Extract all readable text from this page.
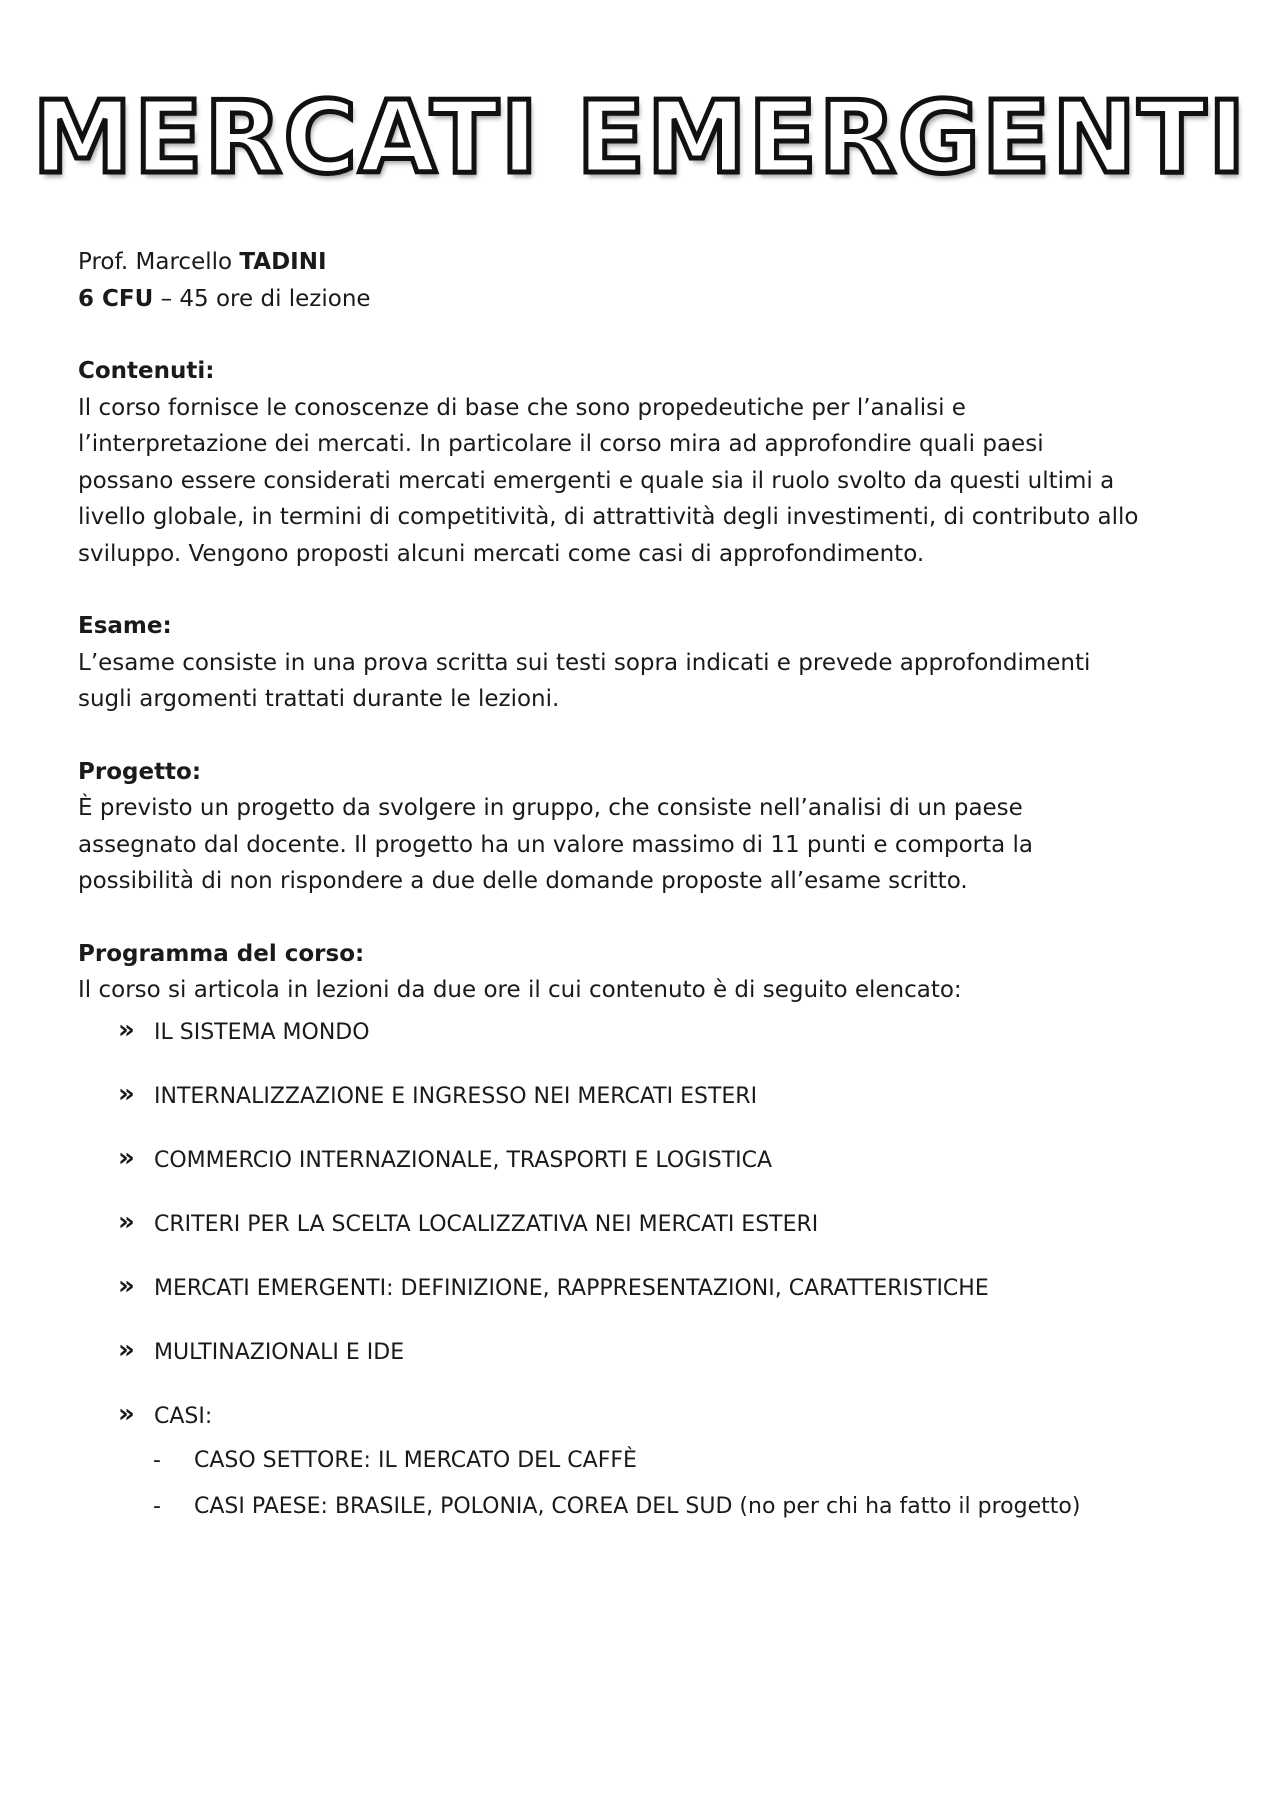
MERCATI EMERGENTI

Prof. Marcello TADINI

6 CFU – 45 ore di lezione

Contenuti:

Il corso fornisce le conoscenze di base che sono propedeutiche per l’analisi e

l’interpretazione dei mercati. In particolare il corso mira ad approfondire quali paesi

possano essere considerati mercati emergenti e quale sia il ruolo svolto da questi ultimi a

livello globale, in termini di competitività, di attrattività degli investimenti, di contributo allo

sviluppo. Vengono proposti alcuni mercati come casi di approfondimento.

Esame:

L’esame consiste in una prova scritta sui testi sopra indicati e prevede approfondimenti

sugli argomenti trattati durante le lezioni.

Progetto:

È previsto un progetto da svolgere in gruppo, che consiste nell’analisi di un paese

assegnato dal docente. Il progetto ha un valore massimo di 11 punti e comporta la

possibilità di non rispondere a due delle domande proposte all’esame scritto.

Programma del corso:

Il corso si articola in lezioni da due ore il cui contenuto è di seguito elencato:

» IL SISTEMA MONDO
» INTERNALIZZAZIONE E INGRESSO NEI MERCATI ESTERI
» COMMERCIO INTERNAZIONALE, TRASPORTI E LOGISTICA
» CRITERI PER LA SCELTA LOCALIZZATIVA NEI MERCATI ESTERI
» MERCATI EMERGENTI: DEFINIZIONE, RAPPRESENTAZIONI, CARATTERISTICHE
» MULTINAZIONALI E IDE
» CASI:
- CASO SETTORE: IL MERCATO DEL CAFFÈ
- CASI PAESE: BRASILE, POLONIA, COREA DEL SUD (no per chi ha fatto il progetto)
